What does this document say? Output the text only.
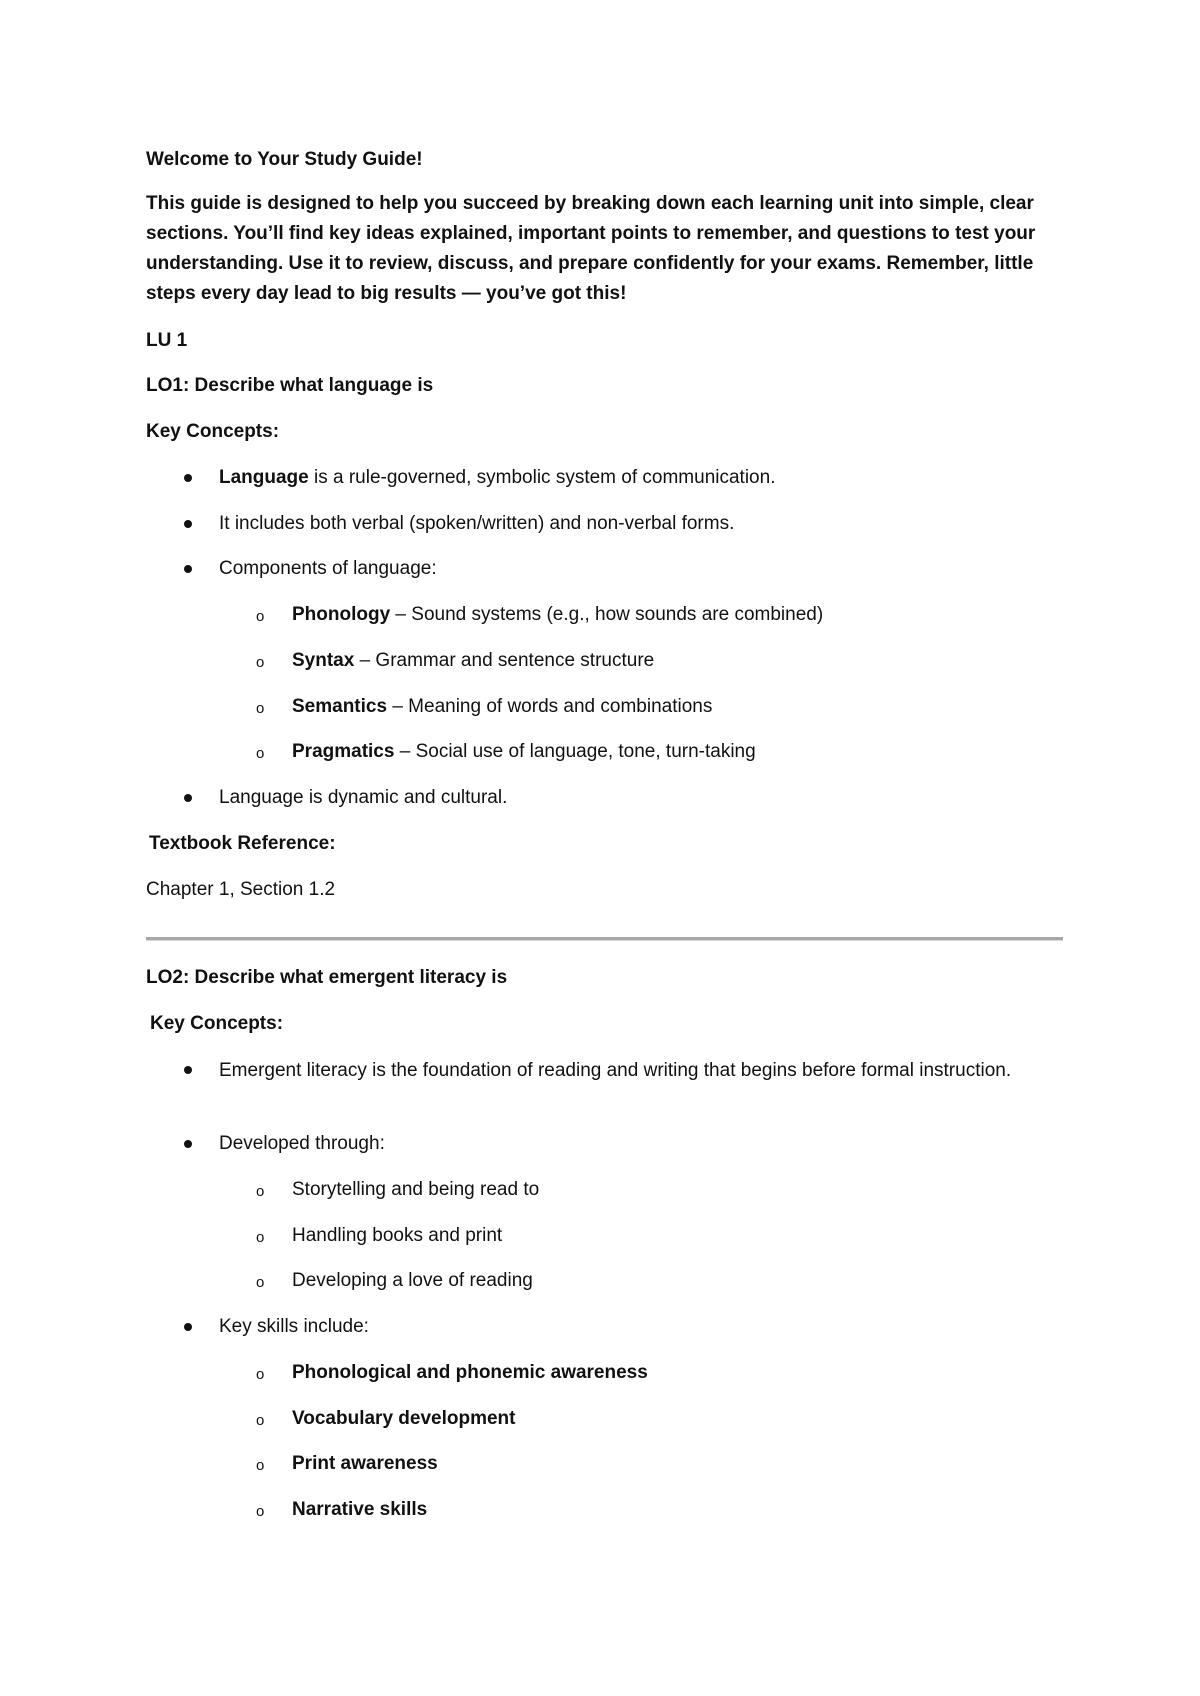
Welcome to Your Study Guide!
This guide is designed to help you succeed by breaking down each learning unit into simple, clear sections. You’ll find key ideas explained, important points to remember, and questions to test your understanding. Use it to review, discuss, and prepare confidently for your exams. Remember, little steps every day lead to big results — you’ve got this!
LU 1
LO1: Describe what language is
Key Concepts:
Language is a rule-governed, symbolic system of communication.
It includes both verbal (spoken/written) and non-verbal forms.
Components of language:
o Phonology – Sound systems (e.g., how sounds are combined)
o Syntax – Grammar and sentence structure
o Semantics – Meaning of words and combinations
o Pragmatics – Social use of language, tone, turn-taking
Language is dynamic and cultural.
Textbook Reference:
Chapter 1, Section 1.2
LO2: Describe what emergent literacy is
Key Concepts:
Emergent literacy is the foundation of reading and writing that begins before formal instruction.
Developed through:
o Storytelling and being read to
o Handling books and print
o Developing a love of reading
Key skills include:
o Phonological and phonemic awareness
o Vocabulary development
o Print awareness
o Narrative skills
